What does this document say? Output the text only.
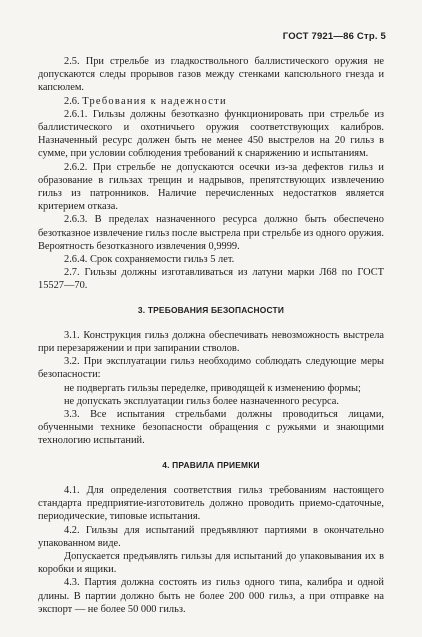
ГОСТ 7921—86 Стр. 5

2.5. При стрельбе из гладкоствольного баллистического оружия не допускаются следы прорывов газов между стенками капсюльного гнезда и капсюлем.

2.6. Требования к надежности

2.6.1. Гильзы должны безотказно функционировать при стрельбе из баллистического и охотничьего оружия соответствующих калибров. Назначенный ресурс должен быть не менее 450 выстрелов на 20 гильз в сумме, при условии соблюдения требований к снаряжению и испытаниям.

2.6.2. При стрельбе не допускаются осечки из-за дефектов гильз и образование в гильзах трещин и надрывов, препятствующих извлечению гильз из патронников. Наличие перечисленных недостатков является критерием отказа.

2.6.3. В пределах назначенного ресурса должно быть обеспечено безотказное извлечение гильз после выстрела при стрельбе из одного оружия. Вероятность безотказного извлечения 0,9999.

2.6.4. Срок сохраняемости гильз 5 лет.

2.7. Гильзы должны изготавливаться из латуни марки Л68 по ГОСТ 15527—70.

3. ТРЕБОВАНИЯ БЕЗОПАСНОСТИ

3.1. Конструкция гильз должна обеспечивать невозможность выстрела при перезаряжении и при запирании стволов.

3.2. При эксплуатации гильз необходимо соблюдать следующие меры безопасности:

не подвергать гильзы переделке, приводящей к изменению формы;

не допускать эксплуатации гильз более назначенного ресурса.

3.3. Все испытания стрельбами должны проводиться лицами, обученными технике безопасности обращения с ружьями и знающими технологию испытаний.

4. ПРАВИЛА ПРИЕМКИ

4.1. Для определения соответствия гильз требованиям настоящего стандарта предприятие-изготовитель должно проводить приемо-сдаточные, периодические, типовые испытания.

4.2. Гильзы для испытаний предъявляют партиями в окончательно упакованном виде.

Допускается предъявлять гильзы для испытаний до упаковывания их в коробки и ящики.

4.3. Партия должна состоять из гильз одного типа, калибра и одной длины. В партии должно быть не более 200 000 гильз, а при отправке на экспорт — не более 50 000 гильз.
